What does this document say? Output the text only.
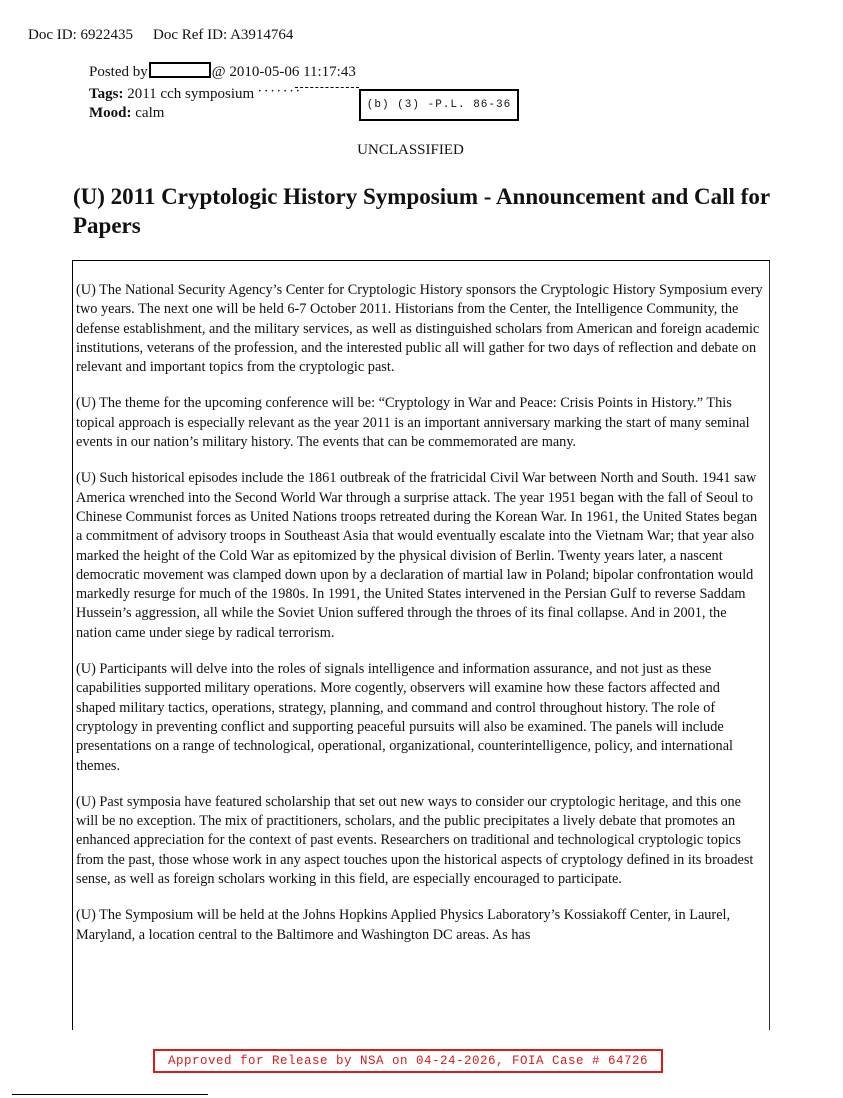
Doc ID: 6922435 Doc Ref ID: A3914764
Posted by	@ 2010-05-06 11:17:43
Tags: 2011 cch symposium ·······
Mood: calm	(b) (3) -P.L. 86-36
UNCLASSIFIED
(U) 2011 Cryptologic History Symposium - Announcement and Call for Papers

(U) The National Security Agency’s Center for Cryptologic History sponsors the Cryptologic History Symposium every two years. The next one will be held 6-7 October 2011. Historians from the Center, the Intelligence Community, the defense establishment, and the military services, as well as distinguished scholars from American and foreign academic institutions, veterans of the profession, and the interested public all will gather for two days of reflection and debate on relevant and important topics from the cryptologic past.

(U) The theme for the upcoming conference will be: “Cryptology in War and Peace: Crisis Points in History.” This topical approach is especially relevant as the year 2011 is an important anniversary marking the start of many seminal events in our nation’s military history. The events that can be commemorated are many.

(U) Such historical episodes include the 1861 outbreak of the fratricidal Civil War between North and South. 1941 saw America wrenched into the Second World War through a surprise attack. The year 1951 began with the fall of Seoul to Chinese Communist forces as United Nations troops retreated during the Korean War. In 1961, the United States began a commitment of advisory troops in Southeast Asia that would eventually escalate into the Vietnam War; that year also marked the height of the Cold War as epitomized by the physical division of Berlin. Twenty years later, a nascent democratic movement was clamped down upon by a declaration of martial law in Poland; bipolar confrontation would markedly resurge for much of the 1980s. In 1991, the United States intervened in the Persian Gulf to reverse Saddam Hussein’s aggression, all while the Soviet Union suffered through the throes of its final collapse. And in 2001, the nation came under siege by radical terrorism.

(U) Participants will delve into the roles of signals intelligence and information assurance, and not just as these capabilities supported military operations. More cogently, observers will examine how these factors affected and shaped military tactics, operations, strategy, planning, and command and control throughout history. The role of cryptology in preventing conflict and supporting peaceful pursuits will also be examined. The panels will include presentations on a range of technological, operational, organizational, counterintelligence, policy, and international themes.

(U) Past symposia have featured scholarship that set out new ways to consider our cryptologic heritage, and this one will be no exception. The mix of practitioners, scholars, and the public precipitates a lively debate that promotes an enhanced appreciation for the context of past events. Researchers on traditional and technological cryptologic topics from the past, those whose work in any aspect touches upon the historical aspects of cryptology defined in its broadest sense, as well as foreign scholars working in this field, are especially encouraged to participate.

(U) The Symposium will be held at the Johns Hopkins Applied Physics Laboratory’s Kossiakoff Center, in Laurel, Maryland, a location central to the Baltimore and Washington DC areas. As has

Approved for Release by NSA on 04-24-2026, FOIA Case # 64726
